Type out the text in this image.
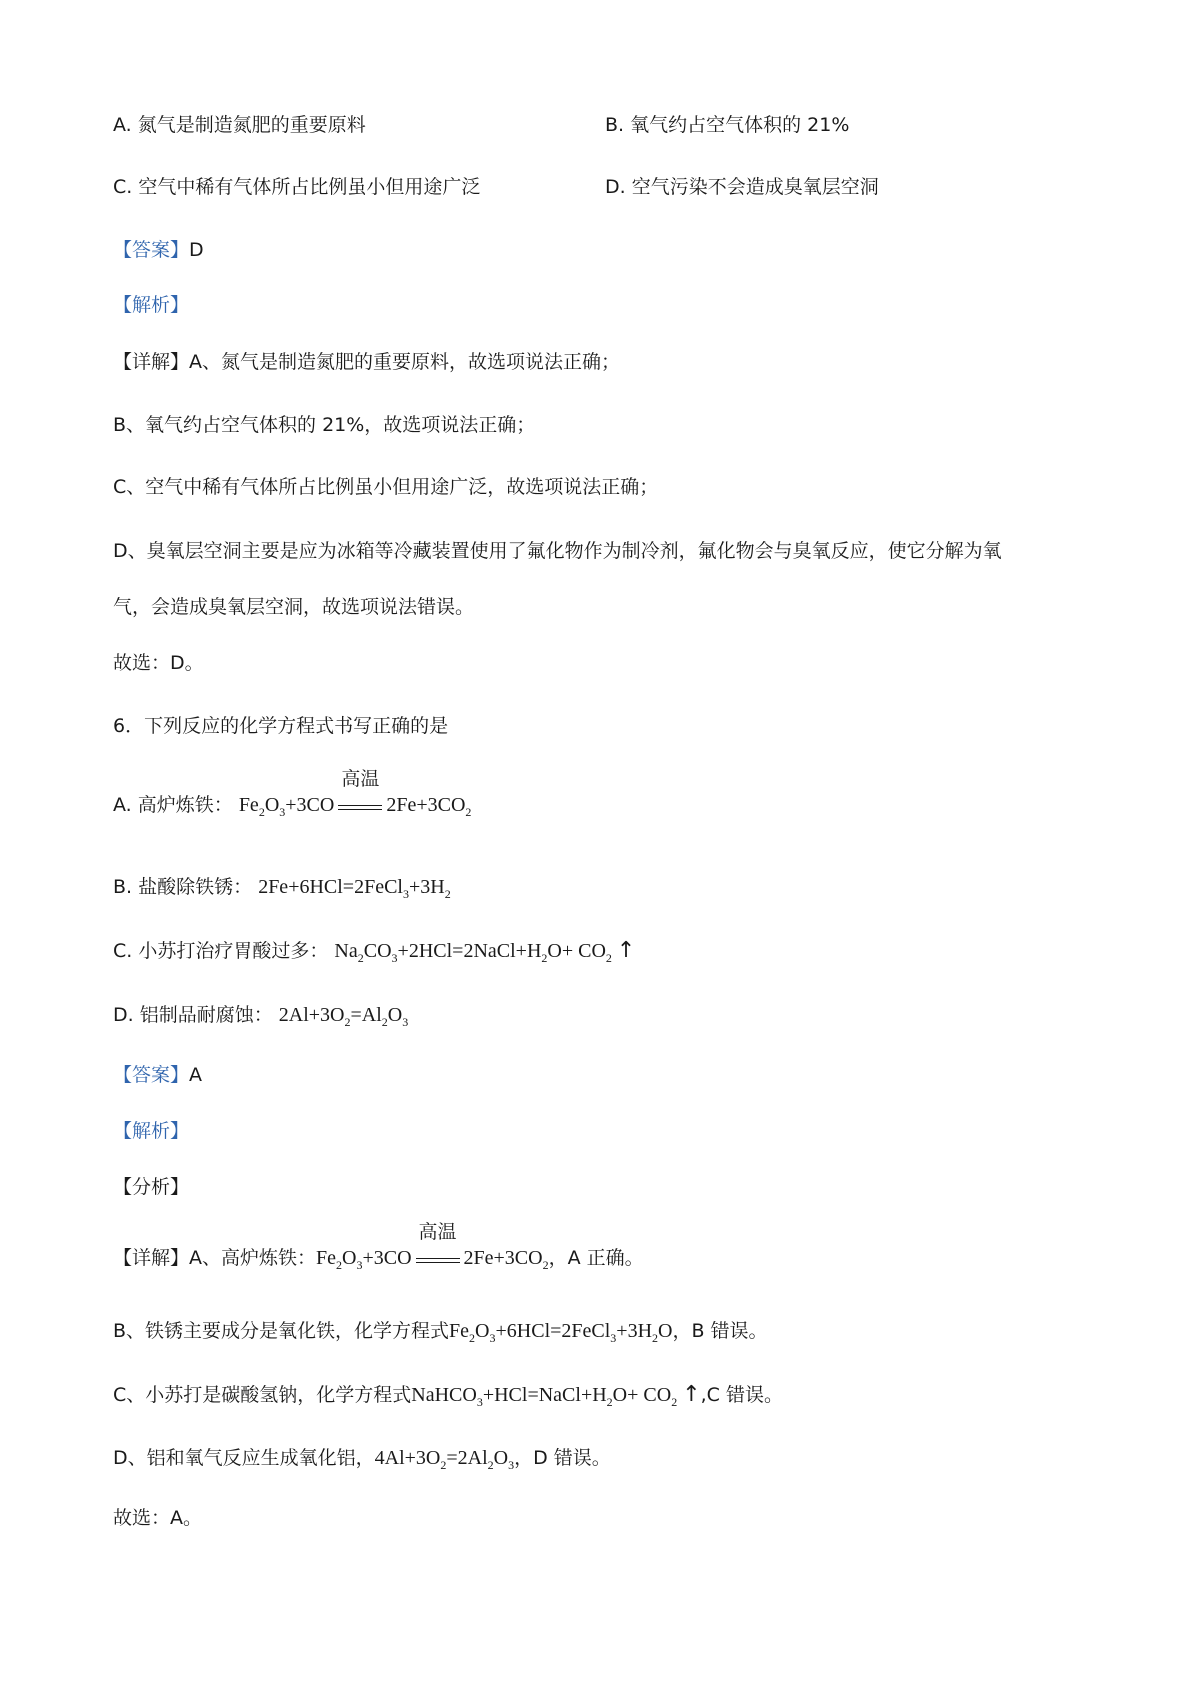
A. 氮气是制造氮肥的重要原料	B. 氧气约占空气体积的 21%
C. 空气中稀有气体所占比例虽小但用途广泛	D. 空气污染不会造成臭氧层空洞
【答案】D
【解析】
【详解】A、氮气是制造氮肥的重要原料，故选项说法正确；
B、氧气约占空气体积的 21%，故选项说法正确；
C、空气中稀有气体所占比例虽小但用途广泛，故选项说法正确；
D、臭氧层空洞主要是应为冰箱等冷藏装置使用了氟化物作为制冷剂，氟化物会与臭氧反应，使它分解为氧
气，会造成臭氧层空洞，故选项说法错误。
故选：D。
6．下列反应的化学方程式书写正确的是
A. 高炉炼铁： $Fe_2O_3+3CO$
高温
$2Fe+3CO_2$
B. 盐酸除铁锈： $2Fe+6HCl=2FeCl_3+3H_2$
C. 小苏打治疗胃酸过多： $Na_2CO_3+2HCl=2NaCl+H_2O+ CO_2$ ↑
D. 铝制品耐腐蚀： $2Al+3O_2=Al_2O_3$
【答案】A
【解析】
【分析】
【详解】A、高炉炼铁：$Fe_2O_3+3CO$
高温
$2Fe+3CO_2$，A 正确。
B、铁锈主要成分是氧化铁，化学方程式$Fe_2O_3+6HCl=2FeCl_3+3H_2O$，B 错误。
C、小苏打是碳酸氢钠，化学方程式$NaHCO_3+HCl=NaCl+H_2O+ CO_2$ ↑,C 错误。
D、铝和氧气反应生成氧化铝，$4Al+3O_2=2Al_2O_3$，D 错误。
故选：A。
